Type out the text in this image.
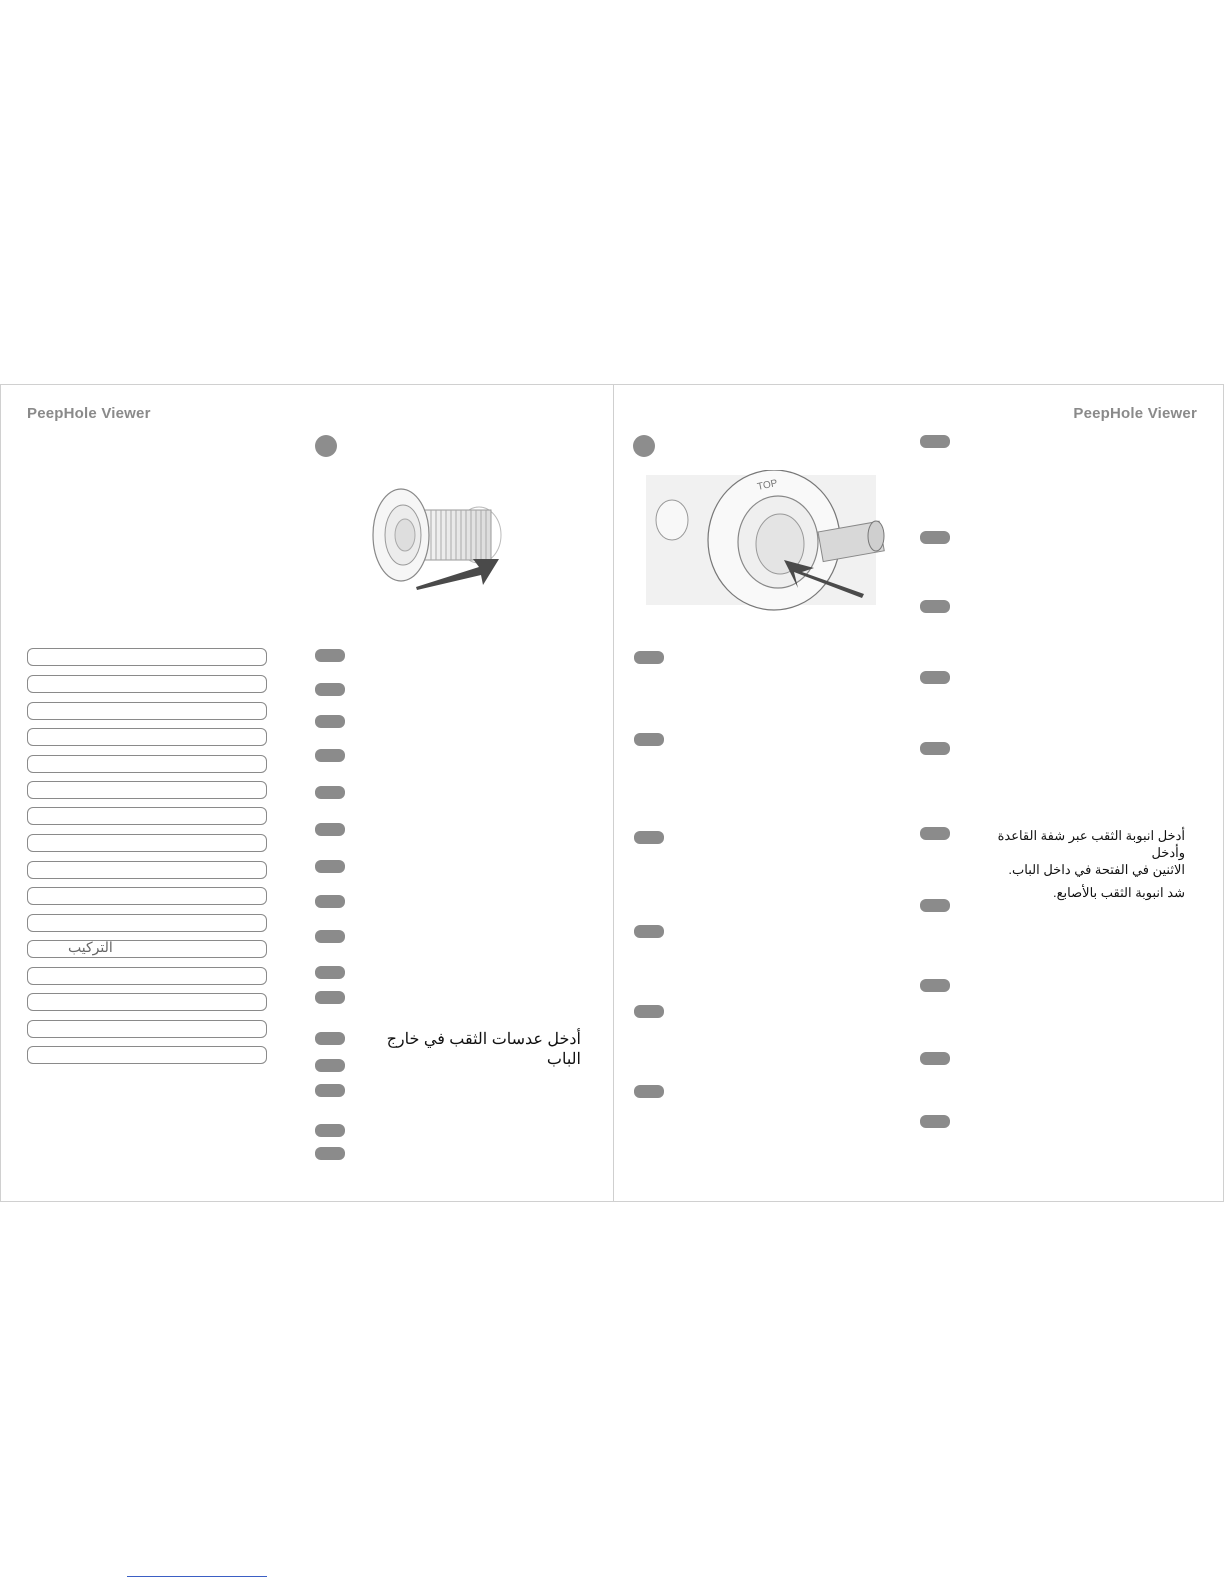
PeepHole Viewer
التركيب
أدخل عدسات الثقب في خارج الباب
PeepHole Viewer
TOP
أدخل انبوبة الثقب عبر شفة القاعدة وأدخل
الاثنين في الفتحة في داخل الباب.
شد انبوبة الثقب بالأصابع.
